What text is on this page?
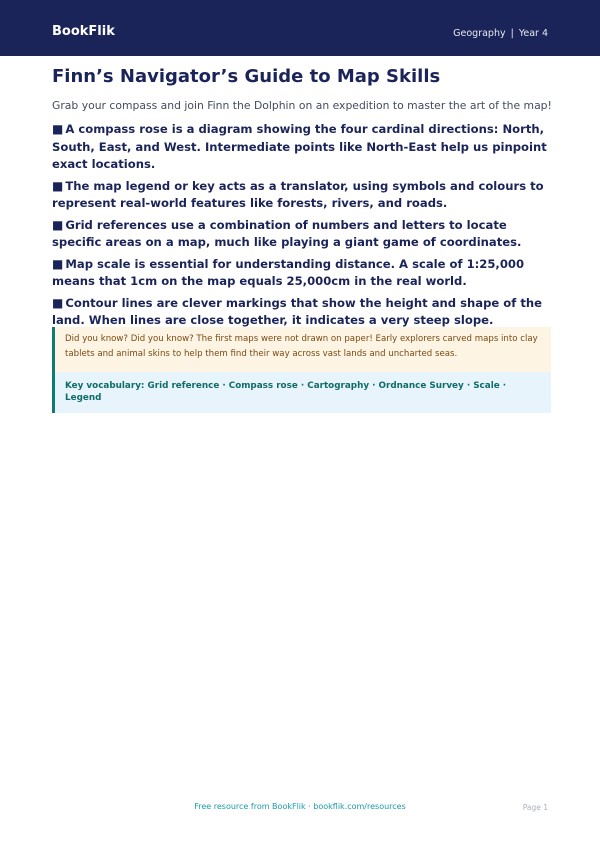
BookFlik	Geography | Year 4
Finn’s Navigator’s Guide to Map Skills

Grab your compass and join Finn the Dolphin on an expedition to master the art of the map!

■ A compass rose is a diagram showing the four cardinal directions: North, South, East, and West. Intermediate points like North-East help us pinpoint exact locations.
■ The map legend or key acts as a translator, using symbols and colours to represent real-world features like forests, rivers, and roads.
■ Grid references use a combination of numbers and letters to locate specific areas on a map, much like playing a giant game of coordinates.
■ Map scale is essential for understanding distance. A scale of 1:25,000 means that 1cm on the map equals 25,000cm in the real world.
■ Contour lines are clever markings that show the height and shape of the land. When lines are close together, it indicates a very steep slope.
Did you know? Did you know? The first maps were not drawn on paper! Early explorers carved maps into clay tablets and animal skins to help them find their way across vast lands and uncharted seas.
Key vocabulary: Grid reference · Compass rose · Cartography · Ordnance Survey · Scale · Legend
Free resource from BookFlik · bookflik.com/resources	Page 1
